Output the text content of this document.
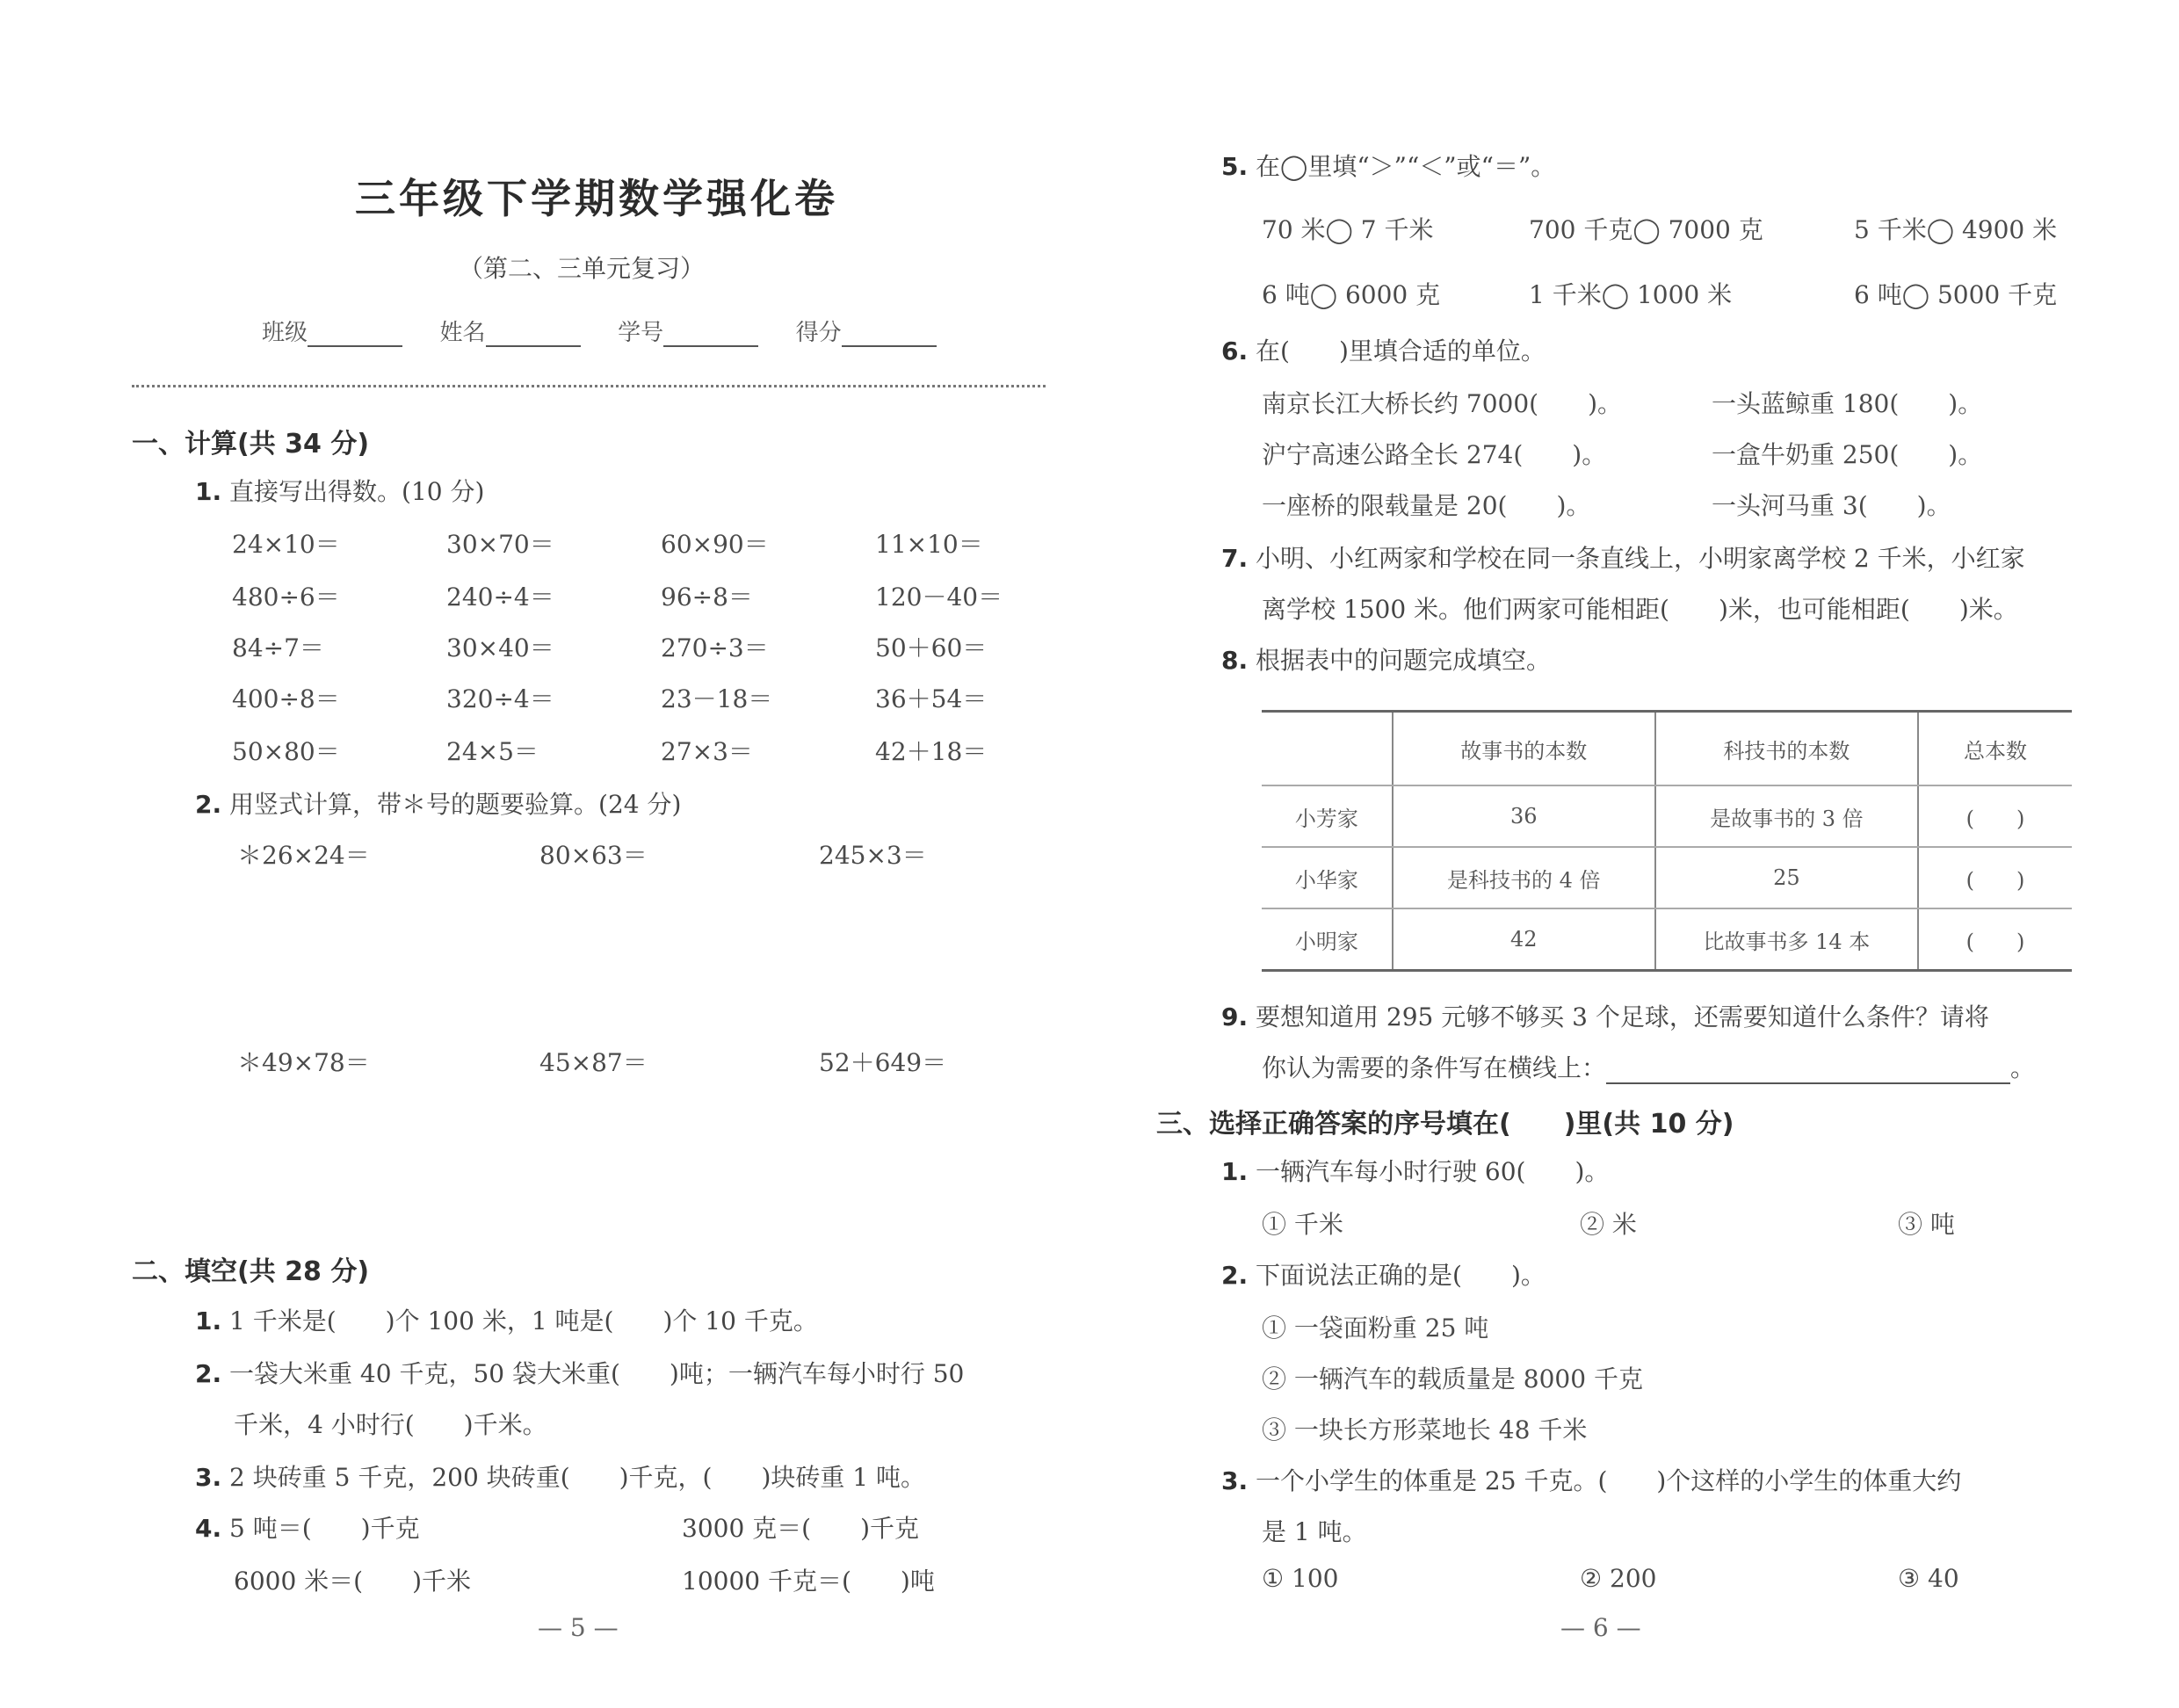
三年级下学期数学强化卷
（第二、三单元复习）
班级	姓名	学号	得分
一、计算(共 34 分)
1. 直接写出得数。(10 分)
24×10＝	30×70＝	60×90＝	11×10＝
480÷6＝	240÷4＝	96÷8＝	120－40＝
84÷7＝	30×40＝	270÷3＝	50＋60＝
400÷8＝	320÷4＝	23－18＝	36＋54＝
50×80＝	24×5＝	27×3＝	42＋18＝
2. 用竖式计算，带＊号的题要验算。(24 分)
＊26×24＝	80×63＝	245×3＝
＊49×78＝	45×87＝	52＋649＝
二、填空(共 28 分)
1. 1 千米是(　　)个 100 米，1 吨是(　　)个 10 千克。
2. 一袋大米重 40 千克，50 袋大米重(　　)吨；一辆汽车每小时行 50
千米，4 小时行(　　)千米。
3. 2 块砖重 5 千克，200 块砖重(　　)千克，(　　)块砖重 1 吨。
4. 5 吨＝(　　)千克	3000 克＝(　　)千克
6000 米＝(　　)千米	10000 千克＝(　　)吨
— 5 —
5. 在◯里填“＞”“＜”或“＝”。
70 米◯ 7 千米	700 千克◯ 7000 克	5 千米◯ 4900 米
6 吨◯ 6000 克	1 千米◯ 1000 米	6 吨◯ 5000 千克
6. 在(　　)里填合适的单位。
南京长江大桥长约 7000(　　)。	一头蓝鲸重 180(　　)。
沪宁高速公路全长 274(　　)。	一盒牛奶重 250(　　)。
一座桥的限载量是 20(　　)。	一头河马重 3(　　)。
7. 小明、小红两家和学校在同一条直线上，小明家离学校 2 千米，小红家
离学校 1500 米。他们两家可能相距(　　)米，也可能相距(　　)米。
8. 根据表中的问题完成填空。
	故事书的本数	科技书的本数	总本数
小芳家	36	是故事书的 3 倍	(　　)
小华家	是科技书的 4 倍	25	(　　)
小明家	42	比故事书多 14 本	(　　)
9. 要想知道用 295 元够不够买 3 个足球，还需要知道什么条件？请将
你认为需要的条件写在横线上：	。
三、选择正确答案的序号填在(　　)里(共 10 分)
1. 一辆汽车每小时行驶 60(　　)。
① 千米	② 米	③ 吨
2. 下面说法正确的是(　　)。
① 一袋面粉重 25 吨
② 一辆汽车的载质量是 8000 千克
③ 一块长方形菜地长 48 千米
3. 一个小学生的体重是 25 千克。(　　)个这样的小学生的体重大约
是 1 吨。
① 100	② 200	③ 40
— 6 —
